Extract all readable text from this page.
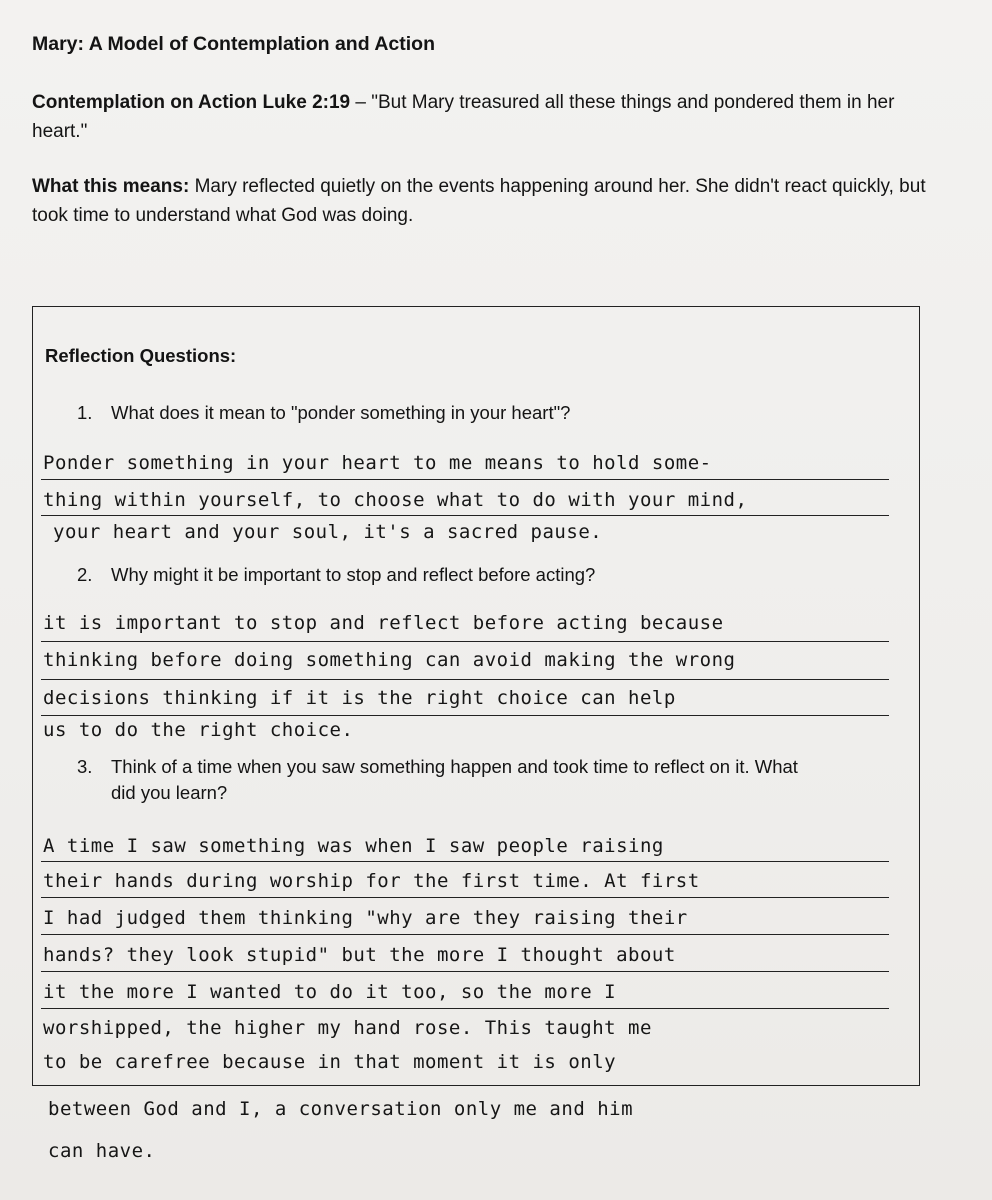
Mary: A Model of Contemplation and Action
Contemplation on Action Luke 2:19 – "But Mary treasured all these things and pondered them in her heart."
What this means: Mary reflected quietly on the events happening around her. She didn't react quickly, but took time to understand what God was doing.
Reflection Questions:
1. What does it mean to "ponder something in your heart"?
Ponder something in your heart to me means to hold some-
thing within yourself, to choose what to do with your mind,
your heart and your soul, it's a sacred pause.
2. Why might it be important to stop and reflect before acting?
it is important to stop and reflect before acting because
thinking before doing something can avoid making the wrong
decisions thinking if it is the right choice can help
us to do the right choice.
3. Think of a time when you saw something happen and took time to reflect on it. What
did you learn?
A time I saw something was when I saw people raising
their hands during worship for the first time. At first
I had judged them thinking "why are they raising their
hands? they look stupid" but the more I thought about
it the more I wanted to do it too, so the more I
worshipped, the higher my hand rose. This taught me
to be carefree because in that moment it is only
between God and I, a conversation only me and him
can have.
